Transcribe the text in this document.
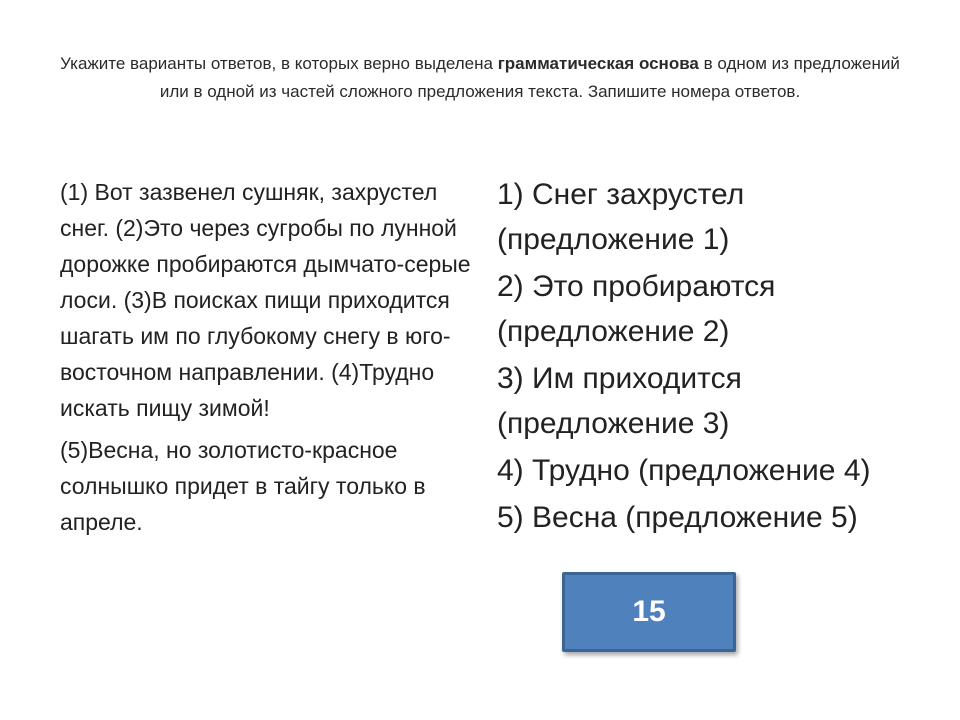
Укажите варианты ответов, в которых верно выделена грамматическая основа в одном из предложений или в одной из частей сложного предложения текста. Запишите номера ответов.

(1) Вот зазвенел сушняк, захрустел снег. (2)Это через сугробы по лунной дорожке пробираются дымчато-серые лоси. (3)В поисках пищи приходится шагать им по глубокому снегу в юго-восточном направлении. (4)Трудно искать пищу зимой!

(5)Весна, но золотисто-красное солнышко придет в тайгу только в апреле.

1) Снег захрустел (предложение 1)
2) Это пробираются (предложение 2)
3) Им приходится (предложение 3)
4) Трудно (предложение 4)
5) Весна (предложение 5)
15
